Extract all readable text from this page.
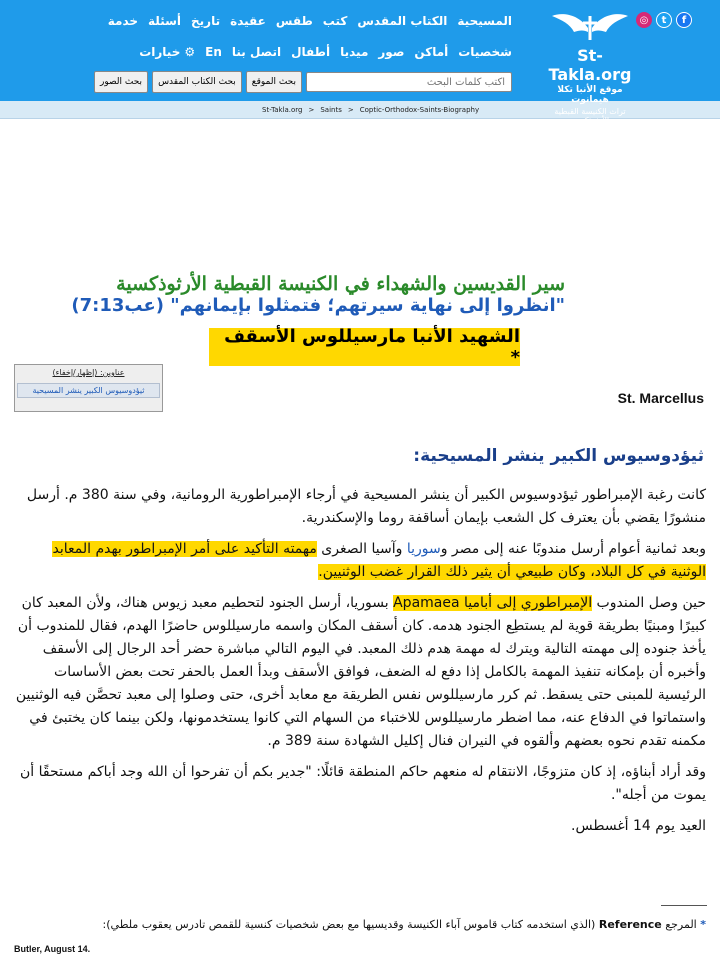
◎	t	f
St-Takla.org
موقع الأنبا تكلا هيمانوت
تراث الكنيسة القبطية الأرثوذكسية
المسيحية
الكتاب المقدس
كتب
طقس
عقيدة
تاريخ
أسئلة
خدمة
شخصيات
أماكن
صور
ميديا
أطفال
اتصل بنا
En
⚙خيارات
اكتب كلمات البحث
بحث الموقع
بحث الكتاب المقدس
بحث الصور
St-Takla.org > Saints > Coptic-Orthodox-Saints-Biography
سير القديسين والشهداء في الكنيسة القبطية الأرثوذكسية
"انظروا إلى نهاية سيرتهم؛ فتمثلوا بإيمانهم" (عب7:13)
الشهيد الأنبا مارسيللوس الأسقف *
عناوين: (إظهار/إخفاء)
ثيؤدوسيوس الكبير ينشر المسيحية	St. Marcellus
ثيؤدوسيوس الكبير ينشر المسيحية:

كانت رغبة الإمبراطور ثيؤدوسيوس الكبير أن ينشر المسيحية في أرجاء الإمبراطورية الرومانية، وفي سنة 380 م. أرسل منشورًا يقضي بأن يعترف كل الشعب بإيمان أساقفة روما والإسكندرية.

وبعد ثمانية أعوام أرسل مندوبًا عنه إلى مصر وسوريا وآسيا الصغرى مهمته التأكيد على أمر الإمبراطور بهدم المعابد الوثنية في كل البلاد، وكان طبيعي أن يثير ذلك القرار غضب الوثنيين.

حين وصل المندوب الإمبراطوري إلى أباميا Apamaea بسوريا، أرسل الجنود لتحطيم معبد زيوس هناك، ولأن المعبد كان كبيرًا ومبنيًا بطريقة قوية لم يستطِع الجنود هدمه. كان أسقف المكان واسمه مارسيللوس حاضرًا الهدم، فقال للمندوب أن يأخذ جنوده إلى مهمته التالية ويترك له مهمة هدم ذلك المعبد. في اليوم التالي مباشرة حضر أحد الرجال إلى الأسقف وأخبره أن بإمكانه تنفيذ المهمة بالكامل إذا دفع له الضعف، فوافق الأسقف وبدأ العمل بالحفر تحت بعض الأساسات الرئيسية للمبنى حتى يسقط. ثم كرر مارسيللوس نفس الطريقة مع معابد أخرى، حتى وصلوا إلى معبد تحصَّن فيه الوثنيين واستماتوا في الدفاع عنه، مما اضطر مارسيللوس للاختباء من السهام التي كانوا يستخدمونها، ولكن بينما كان يختبئ في مكمنه تقدم نحوه بعضهم وألقوه في النيران فنال إكليل الشهادة سنة 389 م.

وقد أراد أبناؤه، إذ كان متزوجًا، الانتقام له منعهم حاكم المنطقة قائلًا: "جدير بكم أن تفرحوا أن الله وجد أباكم مستحقًا أن يموت من أجله".

العيد يوم 14 أغسطس.

* المرجع Reference (الذي استخدمه كتاب قاموس آباء الكنيسة وقديسيها مع بعض شخصيات كنسية للقمص تادرس يعقوب ملطي):
Butler, August 14.
